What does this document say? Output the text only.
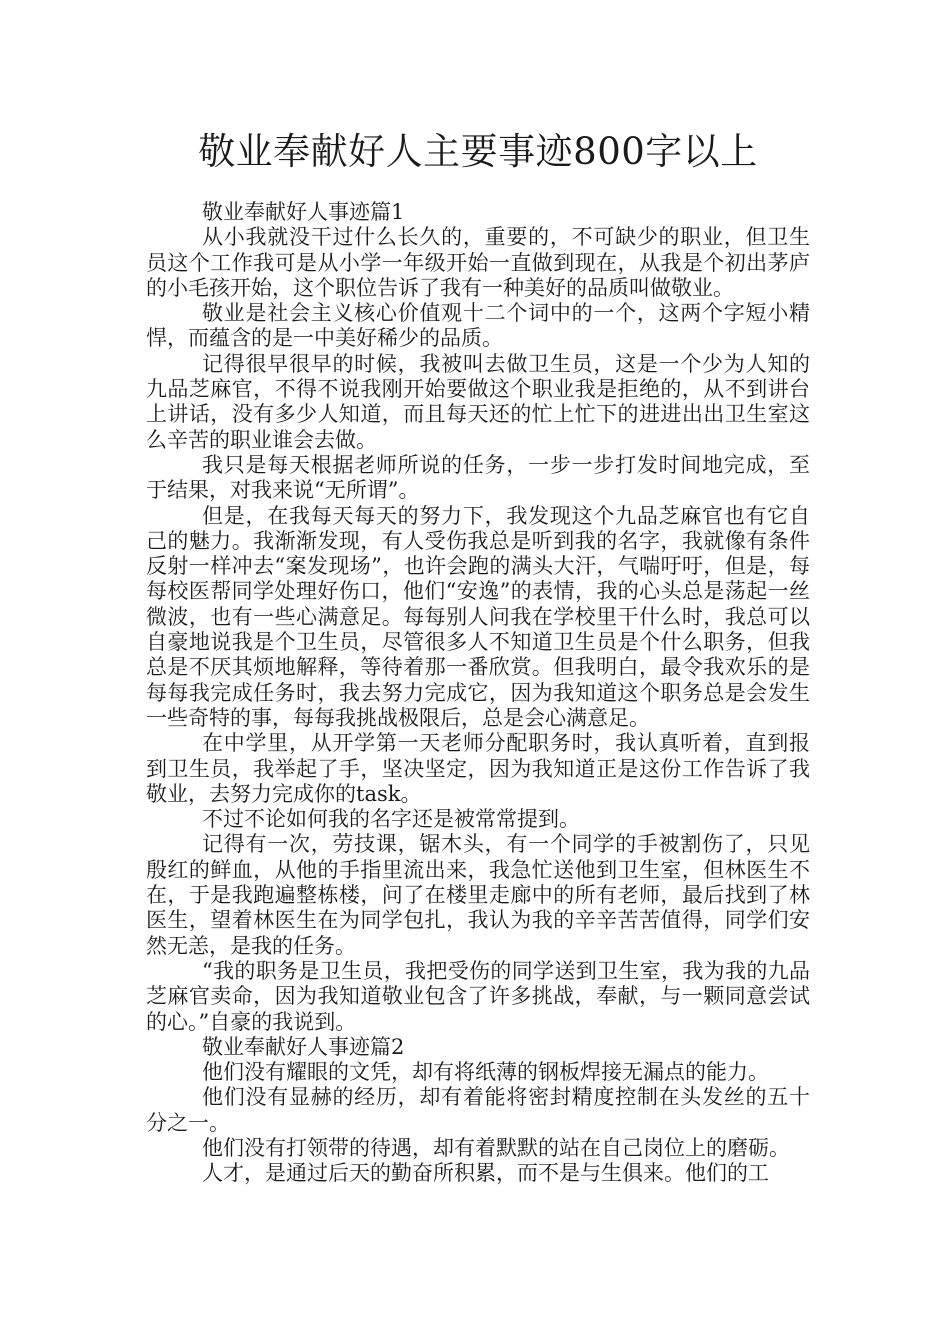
敬业奉献好人主要事迹800字以上

敬业奉献好人事迹篇1

从小我就没干过什么长久的，重要的，不可缺少的职业，但卫生员这个工作我可是从小学一年级开始一直做到现在，从我是个初出茅庐的小毛孩开始，这个职位告诉了我有一种美好的品质叫做敬业。

敬业是社会主义核心价值观十二个词中的一个，这两个字短小精悍，而蕴含的是一中美好稀少的品质。

记得很早很早的时候，我被叫去做卫生员，这是一个少为人知的九品芝麻官，不得不说我刚开始要做这个职业我是拒绝的，从不到讲台上讲话，没有多少人知道，而且每天还的忙上忙下的进进出出卫生室这么辛苦的职业谁会去做。

我只是每天根据老师所说的任务，一步一步打发时间地完成，至于结果，对我来说“无所谓”。

但是，在我每天每天的努力下，我发现这个九品芝麻官也有它自己的魅力。我渐渐发现，有人受伤我总是听到我的名字，我就像有条件反射一样冲去“案发现场”，也许会跑的满头大汗，气喘吁吁，但是，每每校医帮同学处理好伤口，他们“安逸”的表情，我的心头总是荡起一丝微波，也有一些心满意足。每每别人问我在学校里干什么时，我总可以自豪地说我是个卫生员，尽管很多人不知道卫生员是个什么职务，但我总是不厌其烦地解释，等待着那一番欣赏。但我明白，最令我欢乐的是每每我完成任务时，我去努力完成它，因为我知道这个职务总是会发生一些奇特的事，每每我挑战极限后，总是会心满意足。

在中学里，从开学第一天老师分配职务时，我认真听着，直到报到卫生员，我举起了手，坚决坚定，因为我知道正是这份工作告诉了我敬业，去努力完成你的task。

不过不论如何我的名字还是被常常提到。

记得有一次，劳技课，锯木头，有一个同学的手被割伤了，只见殷红的鲜血，从他的手指里流出来，我急忙送他到卫生室，但林医生不在，于是我跑遍整栋楼，问了在楼里走廊中的所有老师，最后找到了林医生，望着林医生在为同学包扎，我认为我的辛辛苦苦值得，同学们安然无恙，是我的任务。

“我的职务是卫生员，我把受伤的同学送到卫生室，我为我的九品芝麻官卖命，因为我知道敬业包含了许多挑战，奉献，与一颗同意尝试的心。”自豪的我说到。

敬业奉献好人事迹篇2

他们没有耀眼的文凭，却有将纸薄的钢板焊接无漏点的能力。

他们没有显赫的经历，却有着能将密封精度控制在头发丝的五十分之一。

他们没有打领带的待遇，却有着默默的站在自己岗位上的磨砺。

人才，是通过后天的勤奋所积累，而不是与生俱来。他们的工
